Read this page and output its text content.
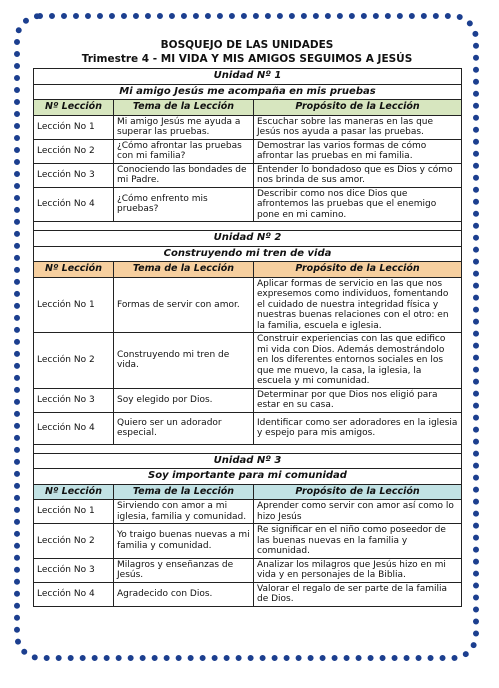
BOSQUEJO DE LAS UNIDADES
Trimestre 4 - MI VIDA Y MIS AMIGOS SEGUIMOS A JESÚS
Unidad Nº 1		
Mi amigo Jesús me acompaña en mis pruebas		
Nº Lección	Tema de la Lección	Propósito de la Lección
Lección No 1	Mi amigo Jesús me ayuda a superar las pruebas.	Escuchar sobre las maneras en las que Jesús nos ayuda a pasar las pruebas.
Lección No 2	¿Cómo afrontar las pruebas con mi familia?	Demostrar las varios formas de cómo afrontar las pruebas en mi familia.
Lección No 3	Conociendo las bondades de mi Padre.	Entender lo bondadoso que es Dios y cómo nos brinda de sus amor.
Lección No 4	¿Cómo enfrento mis pruebas?	Describir como nos dice Dios que afrontemos las pruebas que el enemigo pone en mi camino.

Unidad Nº 2		
Construyendo mi tren de vida		
Nº Lección	Tema de la Lección	Propósito de la Lección
Lección No 1	Formas de servir con amor.	Aplicar formas de servicio en las que nos expresemos como individuos, fomentando el cuidado de nuestra integridad física y nuestras buenas relaciones con el otro: en la familia, escuela e iglesia.
Lección No 2	Construyendo mi tren de vida.	Construir experiencias con las que edifico mi vida con Dios. Además demostrándolo en los diferentes entornos sociales en los que me muevo, la casa, la iglesia, la escuela y mi comunidad.
Lección No 3	Soy elegido por Dios.	Determinar por que Dios nos eligió para estar en su casa.
Lección No 4	Quiero ser un adorador especial.	Identificar como ser adoradores en la iglesia y espejo para mis amigos.

Unidad Nº 3		
Soy importante para mi comunidad		
Nº Lección	Tema de la Lección	Propósito de la Lección
Lección No 1	Sirviendo con amor a mi iglesia, familia y comunidad.	Aprender como servir con amor así como lo hizo Jesús
Lección No 2	Yo traigo buenas nuevas a mi familia y comunidad.	Re significar en el niño como poseedor de las buenas nuevas en la familia y comunidad.
Lección No 3	Milagros y enseñanzas de Jesús.	Analizar los milagros que Jesús hizo en mi vida y en personajes de la Biblia.
Lección No 4	Agradecido con Dios.	Valorar el regalo de ser parte de la familia de Dios.
